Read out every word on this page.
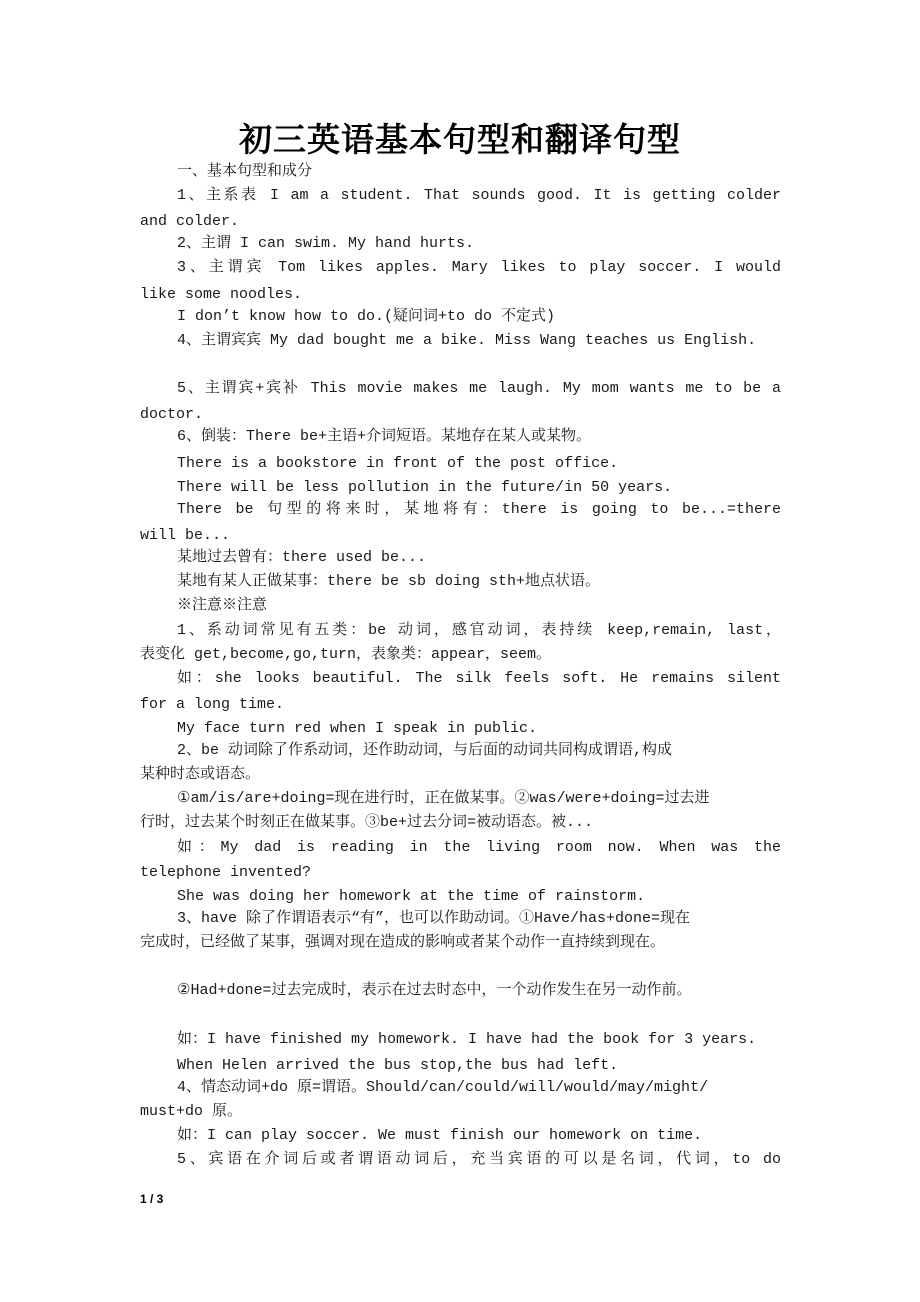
初三英语基本句型和翻译句型
一、基本句型和成分
1、主系表 I am a student. That sounds good. It is getting colder
and colder.
2、主谓 I can swim. My hand hurts.
3、主谓宾 Tom likes apples. Mary likes to play soccer. I would
like some noodles.
I don’t know how to do.(疑问词+to do 不定式)
4、主谓宾宾 My dad bought me a bike. Miss Wang teaches us English.
5、主谓宾+宾补 This movie makes me laugh. My mom wants me to be a
doctor.
6、倒装：There be+主语+介词短语。某地存在某人或某物。
There is a bookstore in front of the post office.
There will be less pollution in the future/in 50 years.
There be 句型的将来时，某地将有：there is going to be...=there
will be...
某地过去曾有：there used be...
某地有某人正做某事：there be sb doing sth+地点状语。
※注意※注意
1、系动词常见有五类：be 动词，感官动词，表持续 keep,remain, last，
表变化 get,become,go,turn，表象类：appear，seem。
如：she looks beautiful. The silk feels soft. He remains silent
for a long time.
My face turn red when I speak in public.
2、be 动词除了作系动词，还作助动词，与后面的动词共同构成谓语,构成
某种时态或语态。
①am/is/are+doing=现在进行时，正在做某事。②was/were+doing=过去进
行时，过去某个时刻正在做某事。③be+过去分词=被动语态。被...
如：My dad is reading in the living room now. When was the
telephone invented?
She was doing her homework at the time of rainstorm.
3、have 除了作谓语表示“有”，也可以作助动词。①Have/has+done=现在
完成时，已经做了某事，强调对现在造成的影响或者某个动作一直持续到现在。
②Had+done=过去完成时，表示在过去时态中，一个动作发生在另一动作前。
如：I have finished my homework. I have had the book for 3 years.
When Helen arrived the bus stop,the bus had left.
4、情态动词+do 原=谓语。Should/can/could/will/would/may/might/
must+do 原。
如：I can play soccer. We must finish our homework on time.
5、宾语在介词后或者谓语动词后，充当宾语的可以是名词，代词，to do
1 / 3
